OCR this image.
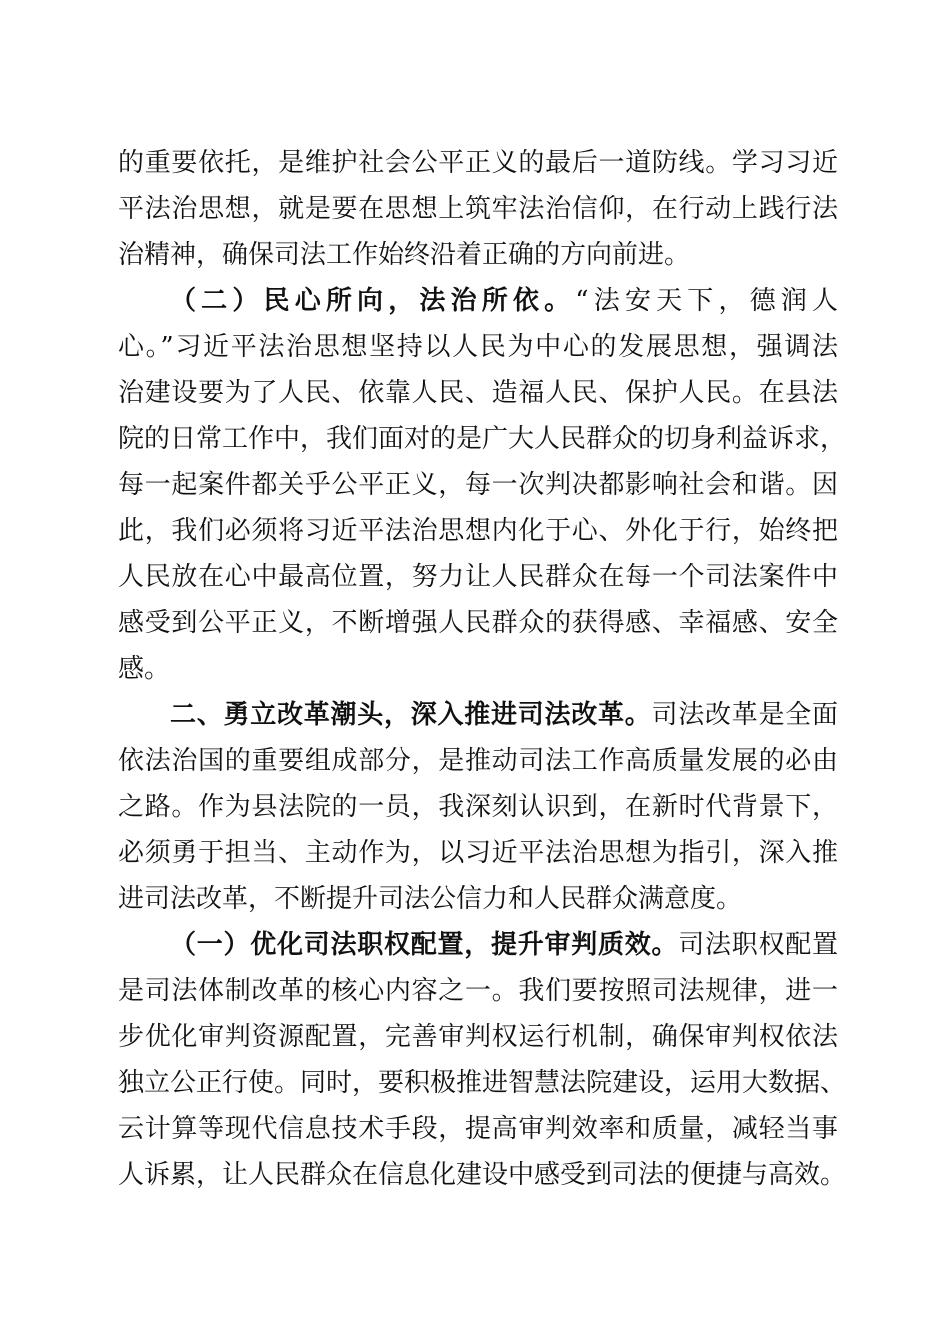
的重要依托，是维护社会公平正义的最后一道防线。学习习近
平法治思想，就是要在思想上筑牢法治信仰，在行动上践行法
治精神，确保司法工作始终沿着正确的方向前进。
（二）民心所向，法治所依。“法安天下，德润人
心。”习近平法治思想坚持以人民为中心的发展思想，强调法
治建设要为了人民、依靠人民、造福人民、保护人民。在县法
院的日常工作中，我们面对的是广大人民群众的切身利益诉求，
每一起案件都关乎公平正义，每一次判决都影响社会和谐。因
此，我们必须将习近平法治思想内化于心、外化于行，始终把
人民放在心中最高位置，努力让人民群众在每一个司法案件中
感受到公平正义，不断增强人民群众的获得感、幸福感、安全
感。
二、勇立改革潮头，深入推进司法改革。司法改革是全面
依法治国的重要组成部分，是推动司法工作高质量发展的必由
之路。作为县法院的一员，我深刻认识到，在新时代背景下，
必须勇于担当、主动作为，以习近平法治思想为指引，深入推
进司法改革，不断提升司法公信力和人民群众满意度。
（一）优化司法职权配置，提升审判质效。司法职权配置
是司法体制改革的核心内容之一。我们要按照司法规律，进一
步优化审判资源配置，完善审判权运行机制，确保审判权依法
独立公正行使。同时，要积极推进智慧法院建设，运用大数据、
云计算等现代信息技术手段，提高审判效率和质量，减轻当事
人诉累，让人民群众在信息化建设中感受到司法的便捷与高效。
